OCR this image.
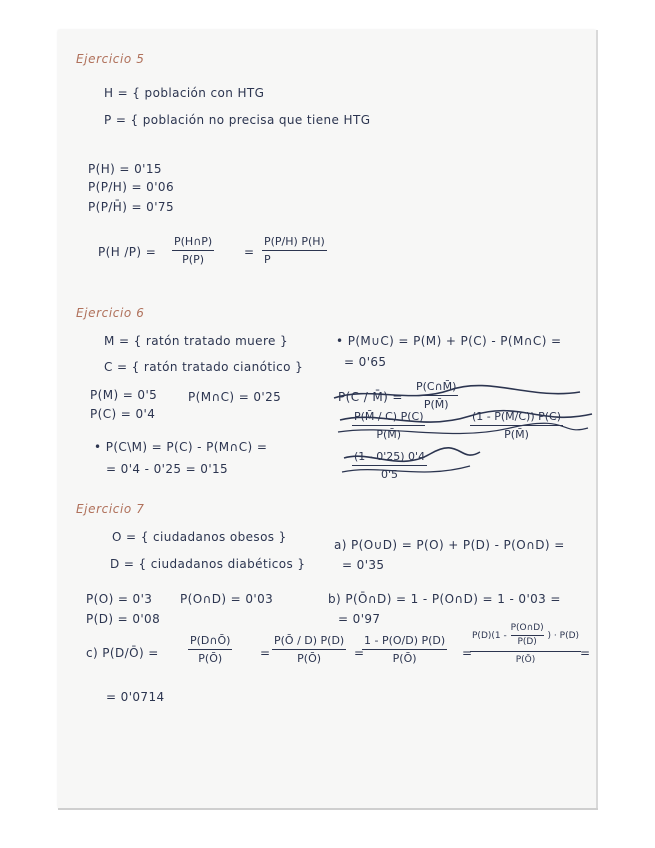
Ejercicio 5
H = { población con HTG
P = { población no precisa que tiene HTG
P(H) = 0'15
P(P/H) = 0'06
P(P/H̄) = 0'75
P(H /P) =
P(H∩P)
P(P)
=
P(P/H) P(H)
P
Ejercicio 6
M = { ratón tratado muere }
C = { ratón tratado cianótico }
P(M) = 0'5
P(C) = 0'4
P(M∩C) = 0'25
• P(C\M) = P(C) - P(M∩C) =
= 0'4 - 0'25 = 0'15
• P(M∪C) = P(M) + P(C) - P(M∩C) =
= 0'65
P(C / M̄) =
P(C∩M̄)
P(M̄)
P(M̄ / C) P(C)
P(M̄)
(1 - P(M/C)) P(C)
P(M̄)
(1 - 0'25) 0'4
0'5
Ejercicio 7
O = { ciudadanos obesos }
D = { ciudadanos diabéticos }
P(O) = 0'3
P(D) = 0'08
P(O∩D) = 0'03
a) P(O∪D) = P(O) + P(D) - P(O∩D) =
= 0'35
b) P(Ō∩D) = 1 - P(O∩D) = 1 - 0'03 =
= 0'97
c) P(D/Ō) =
P(D∩Ō)
P(Ō)	=
P(Ō / D) P(D)
P(Ō)	=
1 - P(O/D) P(D)
P(Ō)	=
$P(D)(1 - \frac{P(O\cap D)}{P(D)}$ ) · P(D)
P(Ō)	=
= 0'0714
